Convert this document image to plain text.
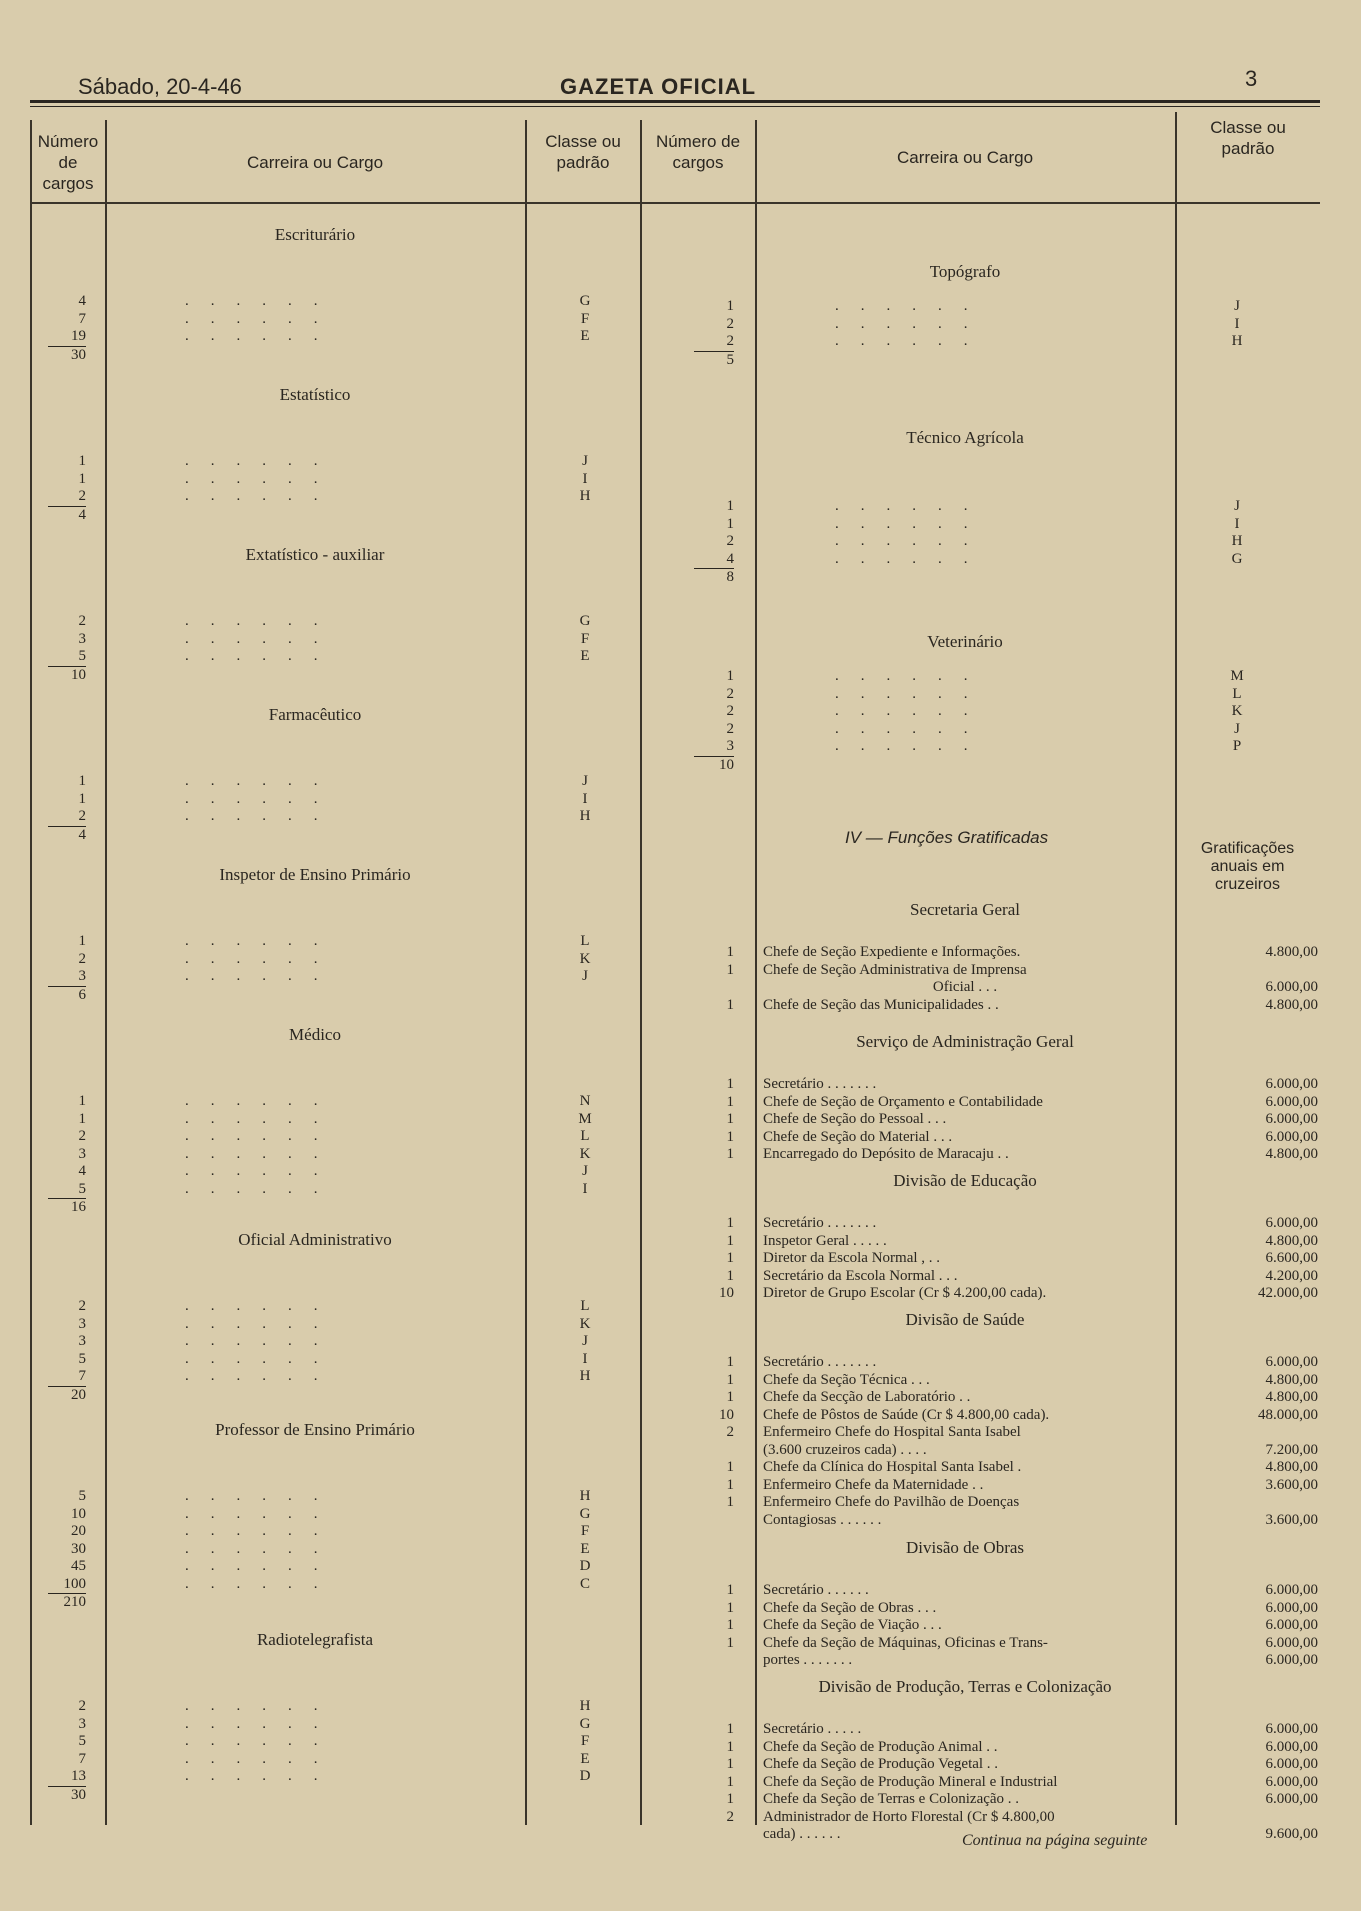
Sábado, 20-4-46	GAZETA OFICIAL	3
Número de cargos
Carreira ou Cargo
Classe ou padrão
Número de cargos	Carreira ou Cargo
Classe ou padrão
Escriturário
4	......	G
7	......	F
19	......	E
30
Estatístico
1	......	J
1	......	I
2	......	H
4
Extatístico - auxiliar
2	......	G
3	......	F
5	......	E
10
Farmacêutico
1	......	J
1	......	I
2	......	H
4
Inspetor de Ensino Primário
1	......	L
2	......	K
3	......	J
6
Médico
1	......	N
1	......	M
2	......	L
3	......	K
4	......	J
5	......	I
16
Oficial Administrativo
2	......	L
3	......	K
3	......	J
5	......	I
7	......	H
20
Professor de Ensino Primário
5	......	H
10	......	G
20	......	F
30	......	E
45	......	D
100	......	C
210
Radiotelegrafista
2	......	H
3	......	G
5	......	F
7	......	E
13	......	D
30
Topógrafo
1	......	J
2	......	I
2	......	H
5
Técnico Agrícola
1	......	J
1	......	I
2	......	H
4	......	G
8
Veterinário
1	......	M
2	......	L
2	......	K
2	......	J
3	......	P
10
IV — Funções Gratificadas
Gratificações
anuais em
cruzeiros
Secretaria Geral
1 Chefe de Seção Expediente e Informações.	4.800,00
1 Chefe de Seção Administrativa de Imprensa
Oficial . . .	6.000,00
1 Chefe de Seção das Municipalidades . .	4.800,00
Serviço de Administração Geral
1 Secretário . . . . . . .	6.000,00
1 Chefe de Seção de Orçamento e Contabilidade	6.000,00
1 Chefe de Seção do Pessoal . . .	6.000,00
1 Chefe de Seção do Material . . .	6.000,00
1 Encarregado do Depósito de Maracaju . .	4.800,00
Divisão de Educação
1 Secretário . . . . . . .	6.000,00
1 Inspetor Geral . . . . .	4.800,00
1 Diretor da Escola Normal , . .	6.600,00
1 Secretário da Escola Normal . . .	4.200,00
10 Diretor de Grupo Escolar (Cr $ 4.200,00 cada).	42.000,00
Divisão de Saúde
1 Secretário . . . . . . .	6.000,00
1 Chefe da Seção Técnica . . .	4.800,00
1 Chefe da Secção de Laboratório . .	4.800,00
10 Chefe de Pôstos de Saúde (Cr $ 4.800,00 cada).	48.000,00
2 Enfermeiro Chefe do Hospital Santa Isabel
(3.600 cruzeiros cada) . . . .	7.200,00
1 Chefe da Clínica do Hospital Santa Isabel .	4.800,00
1 Enfermeiro Chefe da Maternidade . .	3.600,00
1 Enfermeiro Chefe do Pavilhão de Doenças
Contagiosas . . . . . .	3.600,00
Divisão de Obras
1 Secretário . . . . . .	6.000,00
1 Chefe da Seção de Obras . . .	6.000,00
1 Chefe da Seção de Viação . . .	6.000,00
1 Chefe da Seção de Máquinas, Oficinas e Trans-	6.000,00
portes . . . . . . .	6.000,00
Divisão de Produção, Terras e Colonização
1 Secretário . . . . .	6.000,00
1 Chefe da Seção de Produção Animal . .	6.000,00
1 Chefe da Seção de Produção Vegetal . .	6.000,00
1 Chefe da Seção de Produção Mineral e Industrial	6.000,00
1 Chefe da Seção de Terras e Colonização . .	6.000,00
2 Administrador de Horto Florestal (Cr $ 4.800,00
cada) . . . . . .	9.600,00
Continua na página seguinte
